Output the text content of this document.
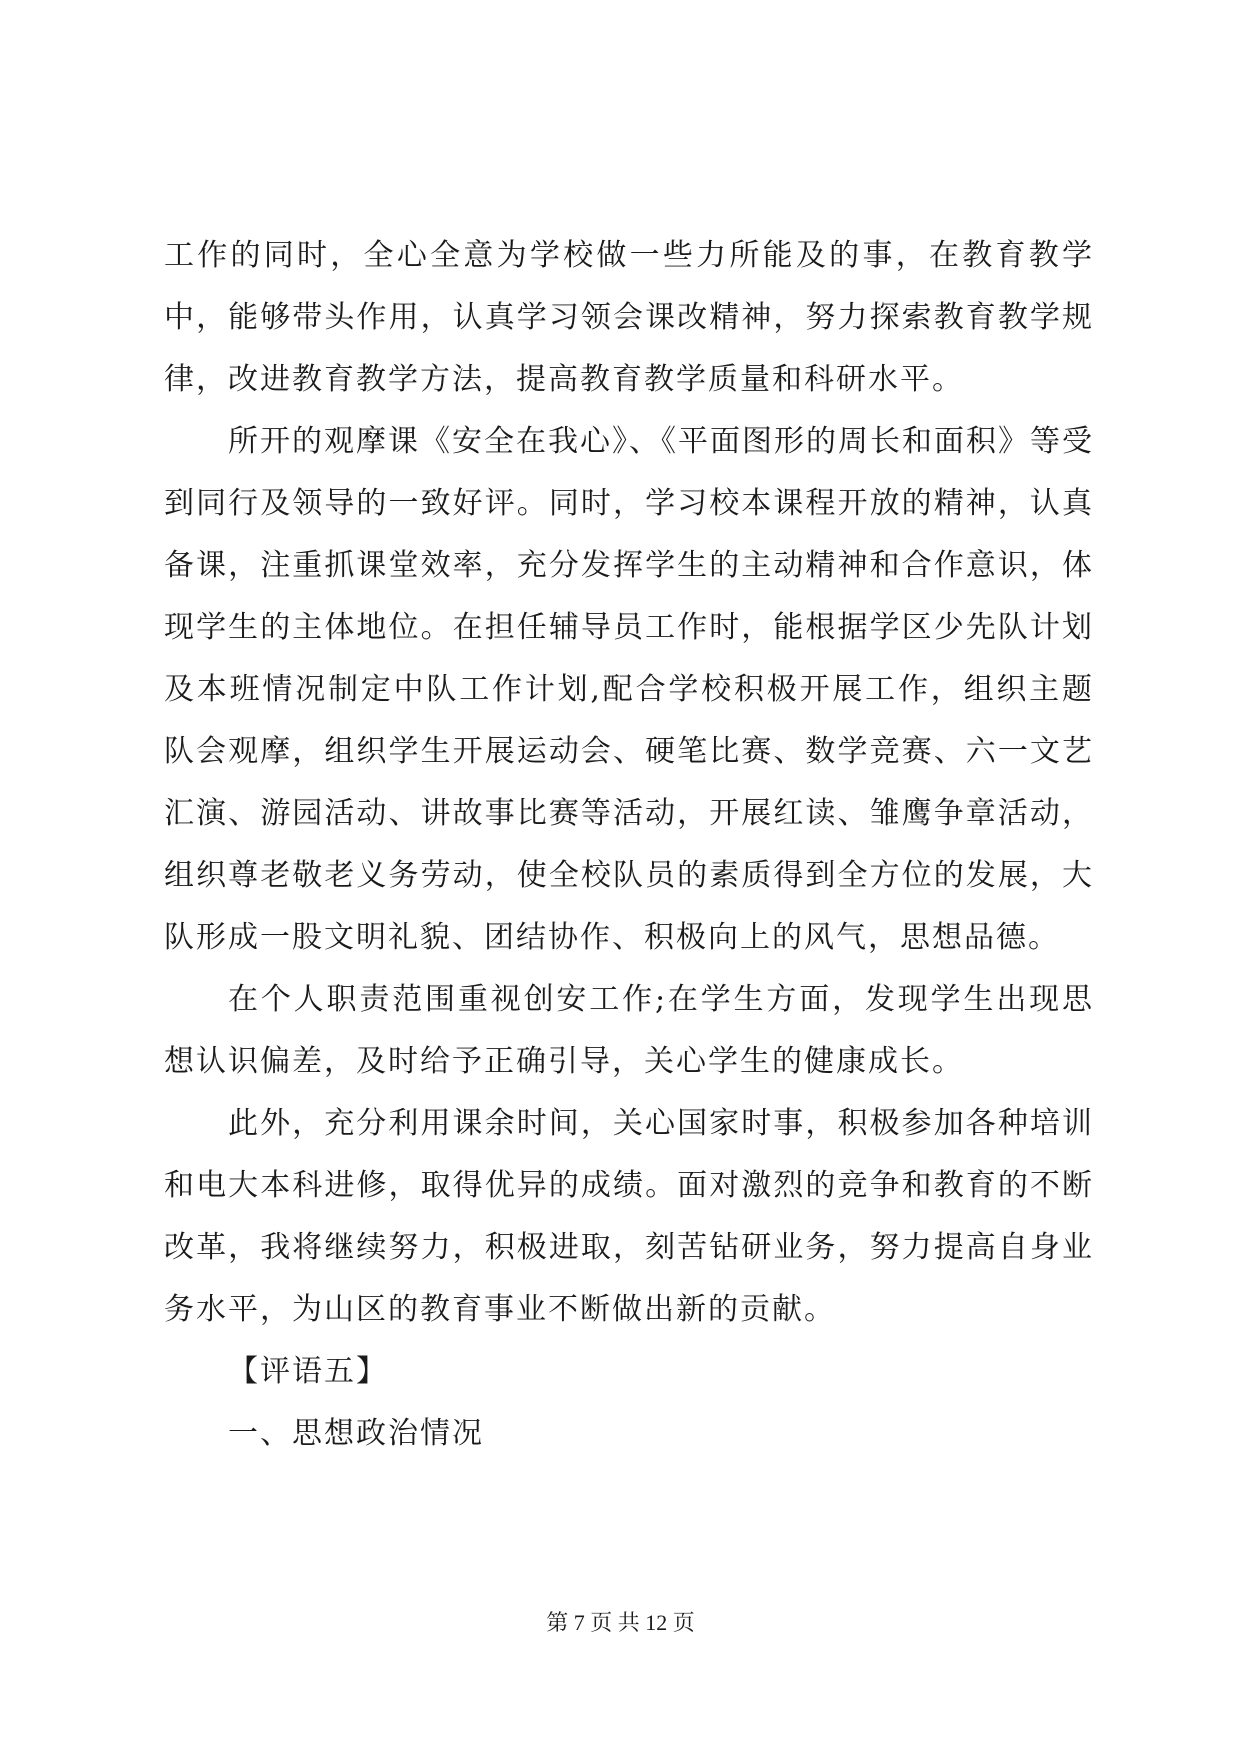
工作的同时，全心全意为学校做一些力所能及的事，在教育教学中，能够带头作用，认真学习领会课改精神，努力探索教育教学规律，改进教育教学方法，提高教育教学质量和科研水平。

所开的观摩课《安全在我心》、《平面图形的周长和面积》等受到同行及领导的一致好评。同时，学习校本课程开放的精神，认真备课，注重抓课堂效率，充分发挥学生的主动精神和合作意识，体现学生的主体地位。在担任辅导员工作时，能根据学区少先队计划及本班情况制定中队工作计划,配合学校积极开展工作，组织主题队会观摩，组织学生开展运动会、硬笔比赛、数学竞赛、六一文艺汇演、游园活动、讲故事比赛等活动，开展红读、雏鹰争章活动，组织尊老敬老义务劳动，使全校队员的素质得到全方位的发展，大队形成一股文明礼貌、团结协作、积极向上的风气，思想品德。

在个人职责范围重视创安工作;在学生方面，发现学生出现思想认识偏差，及时给予正确引导，关心学生的健康成长。

此外，充分利用课余时间，关心国家时事，积极参加各种培训和电大本科进修，取得优异的成绩。面对激烈的竞争和教育的不断改革，我将继续努力，积极进取，刻苦钻研业务，努力提高自身业务水平，为山区的教育事业不断做出新的贡献。

【评语五】

一、思想政治情况

第 7 页 共 12 页
